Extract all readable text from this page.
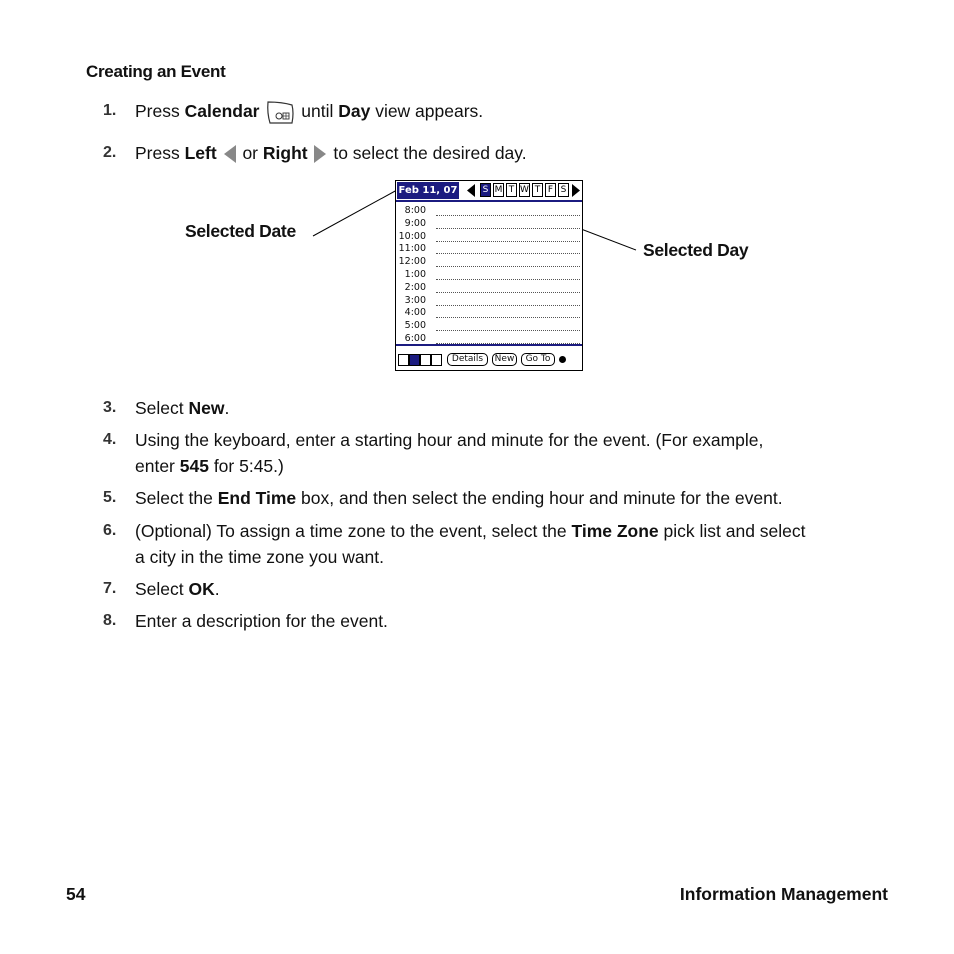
Creating an Event
1. Press Calendar  until Day view appears.
2. Press Left  or Right  to select the desired day.
Selected Date
Selected Day
Feb 11, 07	S M T W T F S
8:00
9:00
10:00
11:00
12:00
1:00
2:00
3:00
4:00
5:00
6:00
Details	New	Go To
3. Select New.
4. Using the keyboard, enter a starting hour and minute for the event. (For example,
enter 545 for 5:45.)
5. Select the End Time box, and then select the ending hour and minute for the event.
6. (Optional) To assign a time zone to the event, select the Time Zone pick list and select
a city in the time zone you want.
7. Select OK.
8. Enter a description for the event.
54	Information Management
